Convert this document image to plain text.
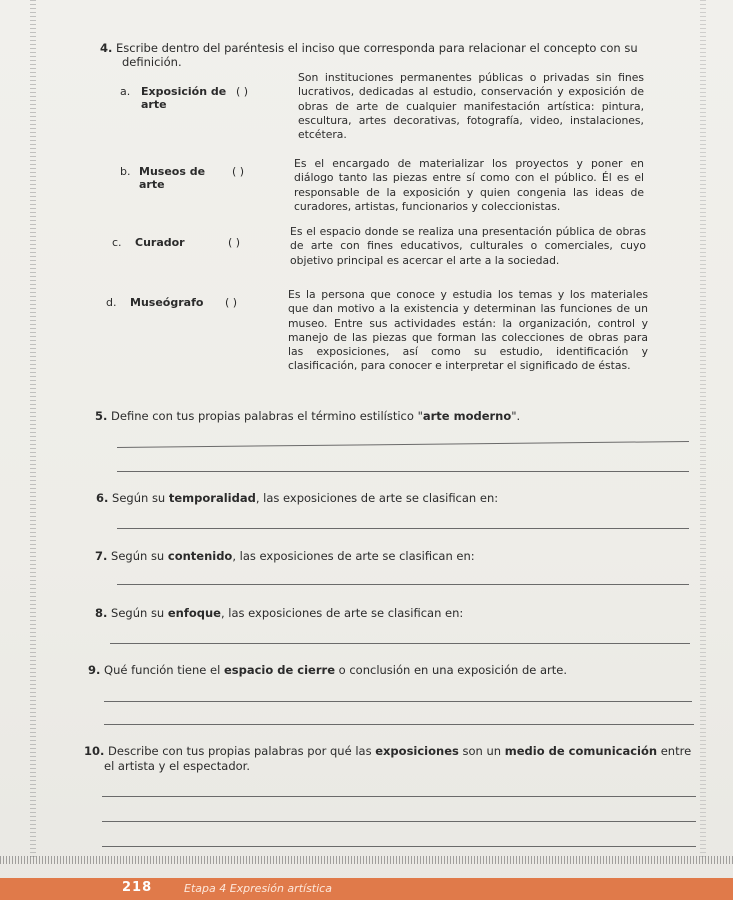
4. Escribe dentro del paréntesis el inciso que corresponda para relacionar el concepto con su
definición.
a. Exposición de
arte
( )
Son instituciones permanentes públicas o privadas sin fines lucrativos, dedicadas al estudio, conservación y exposición de obras de arte de cualquier manifestación artística: pintura, escultura, artes decorativas, fotografía, video, instalaciones, etcétera.
b. Museos de
arte
( )
Es el encargado de materializar los proyectos y poner en diálogo tanto las piezas entre sí como con el público. Él es el responsable de la exposición y quien congenia las ideas de curadores, artistas, funcionarios y coleccionistas.
c. Curador	( )
Es el espacio donde se realiza una presentación pública de obras de arte con fines educativos, culturales o comerciales, cuyo objetivo principal es acercar el arte a la sociedad.
d. Museógrafo ( )
Es la persona que conoce y estudia los temas y los materiales que dan motivo a la existencia y determinan las funciones de un museo. Entre sus actividades están: la organización, control y manejo de las piezas que forman las colecciones de obras para las exposiciones, así como su estudio, identificación y clasificación, para conocer e interpretar el significado de éstas.
5. Define con tus propias palabras el término estilístico "arte moderno".
6. Según su temporalidad, las exposiciones de arte se clasifican en:
7. Según su contenido, las exposiciones de arte se clasifican en:
8. Según su enfoque, las exposiciones de arte se clasifican en:
9. Qué función tiene el espacio de cierre o conclusión en una exposición de arte.
10. Describe con tus propias palabras por qué las exposiciones son un medio de comunicación entre
el artista y el espectador.
218	Etapa 4 Expresión artística
